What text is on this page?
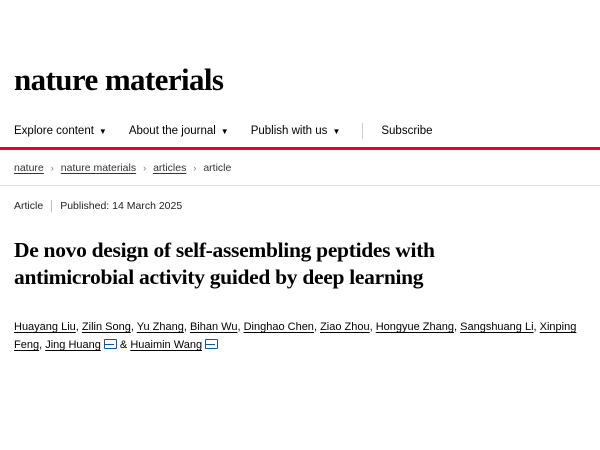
nature materials
Explore content ▼ About the journal ▼ Publish with us ▼	Subscribe
nature › nature materials › articles › article
Article Published: 14 March 2025
De novo design of self-assembling peptides with antimicrobial activity guided by deep learning
Huayang Liu, Zilin Song, Yu Zhang, Bihan Wu, Dinghao Chen, Ziao Zhou, Hongyue Zhang, Sangshuang Li, Xinping Feng, Jing Huang & Huaimin Wang
